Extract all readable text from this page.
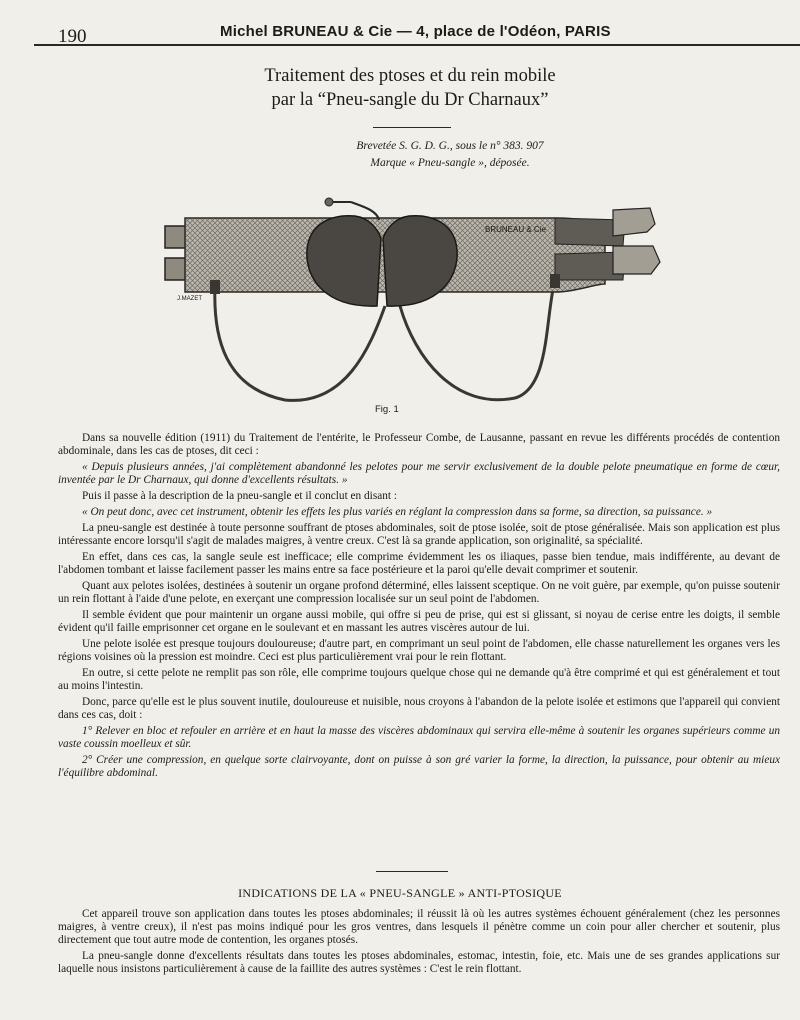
190	Michel BRUNEAU & Cie — 4, place de l'Odéon, PARIS
Traitement des ptoses et du rein mobile
par la “Pneu-sangle du Dr Charnaux”
Brevetée S. G. D. G., sous le n° 383. 907
Marque « Pneu-sangle », déposée.
BRUNEAU & Cie
J.MAZET
Fig. 1

Dans sa nouvelle édition (1911) du Traitement de l'entérite, le Professeur Combe, de Lausanne, passant en revue les différents procédés de contention abdominale, dans les cas de ptoses, dit ceci :

« Depuis plusieurs années, j'ai complètement abandonné les pelotes pour me servir exclusivement de la double pelote pneumatique en forme de cœur, inventée par le Dr Charnaux, qui donne d'excellents résultats. »

Puis il passe à la description de la pneu-sangle et il conclut en disant :

« On peut donc, avec cet instrument, obtenir les effets les plus variés en réglant la compression dans sa forme, sa direction, sa puissance. »

La pneu-sangle est destinée à toute personne souffrant de ptoses abdominales, soit de ptose isolée, soit de ptose généralisée. Mais son application est plus intéressante encore lorsqu'il s'agit de malades maigres, à ventre creux. C'est là sa grande application, son originalité, sa spécialité.

En effet, dans ces cas, la sangle seule est inefficace; elle comprime évidemment les os iliaques, passe bien tendue, mais indifférente, au devant de l'abdomen tombant et laisse facilement passer les mains entre sa face postérieure et la paroi qu'elle devait comprimer et soutenir.

Quant aux pelotes isolées, destinées à soutenir un organe profond déterminé, elles laissent sceptique. On ne voit guère, par exemple, qu'on puisse soutenir un rein flottant à l'aide d'une pelote, en exerçant une compression localisée sur un seul point de l'abdomen.

Il semble évident que pour maintenir un organe aussi mobile, qui offre si peu de prise, qui est si glissant, si noyau de cerise entre les doigts, il semble évident qu'il faille emprisonner cet organe en le soulevant et en massant les autres viscères autour de lui.

Une pelote isolée est presque toujours douloureuse; d'autre part, en comprimant un seul point de l'abdomen, elle chasse naturellement les organes vers les régions voisines où la pression est moindre. Ceci est plus particulièrement vrai pour le rein flottant.

En outre, si cette pelote ne remplit pas son rôle, elle comprime toujours quelque chose qui ne demande qu'à être comprimé et qui est généralement et tout au moins l'intestin.

Donc, parce qu'elle est le plus souvent inutile, douloureuse et nuisible, nous croyons à l'abandon de la pelote isolée et estimons que l'appareil qui convient dans ces cas, doit :

1° Relever en bloc et refouler en arrière et en haut la masse des viscères abdominaux qui servira elle-même à soutenir les organes supérieurs comme un vaste coussin moelleux et sûr.

2° Créer une compression, en quelque sorte clairvoyante, dont on puisse à son gré varier la forme, la direction, la puissance, pour obtenir au mieux l'équilibre abdominal.

INDICATIONS DE LA « PNEU-SANGLE » ANTI-PTOSIQUE

Cet appareil trouve son application dans toutes les ptoses abdominales; il réussit là où les autres systèmes échouent généralement (chez les personnes maigres, à ventre creux), il n'est pas moins indiqué pour les gros ventres, dans lesquels il pénètre comme un coin pour aller chercher et soutenir, plus directement que tout autre mode de contention, les organes ptosés.

La pneu-sangle donne d'excellents résultats dans toutes les ptoses abdominales, estomac, intestin, foie, etc. Mais une de ses grandes applications sur laquelle nous insistons particulièrement à cause de la faillite des autres systèmes : C'est le rein flottant.
